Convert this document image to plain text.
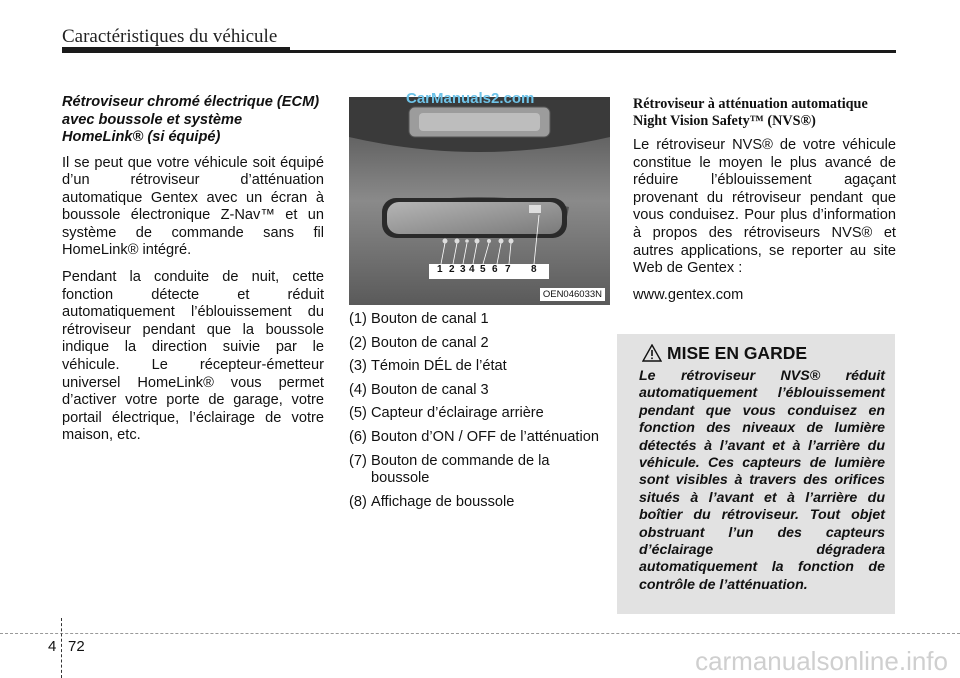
Caractéristiques du véhicule

Rétroviseur chromé électrique (ECM) avec boussole et système HomeLink® (si équipé)

Il se peut que votre véhicule soit équipé d’un rétroviseur d’atténuation automatique Gentex avec un écran à boussole électronique Z-Nav™ et un système de commande sans fil HomeLink® intégré.

Pendant la conduite de nuit, cette fonction détecte et réduit automatiquement l’éblouissement du rétroviseur pendant que la boussole indique la direction suivie par le véhicule. Le récepteur-émetteur universel HomeLink® vous permet d’activer votre porte de garage, votre portail électrique, l’éclairage de votre maison, etc.

1 2 3 4 5 6 7 8
OEN046033N
CarManuals2.com
(1) Bouton de canal 1
(2) Bouton de canal 2
(3) Témoin DÉL de l’état
(4) Bouton de canal 3
(5) Capteur d’éclairage arrière
(6) Bouton d’ON / OFF de l’atténuation
(7) Bouton de commande de la boussole
(8) Affichage de boussole

Rétroviseur à atténuation automatique Night Vision Safety™ (NVS®)

Le rétroviseur NVS® de votre véhicule constitue le moyen le plus avancé de réduire l’éblouissement agaçant provenant du rétroviseur pendant que vous conduisez. Pour plus d’information à propos des rétroviseurs NVS® et autres applications, se reporter au site Web de Gentex :

www.gentex.com

MISE EN GARDE
Le rétroviseur NVS® réduit automatiquement l’éblouissement pendant que vous conduisez en fonction des niveaux de lumière détectés à l’avant et à l’arrière du véhicule. Ces capteurs de lumière sont visibles à travers des orifices situés à l’avant et à l’arrière du boîtier du rétroviseur. Tout objet obstruant l’un des capteurs d’éclairage dégradera automatiquement la fonction de contrôle de l’atténuation.
4 72	carmanualsonline.info
